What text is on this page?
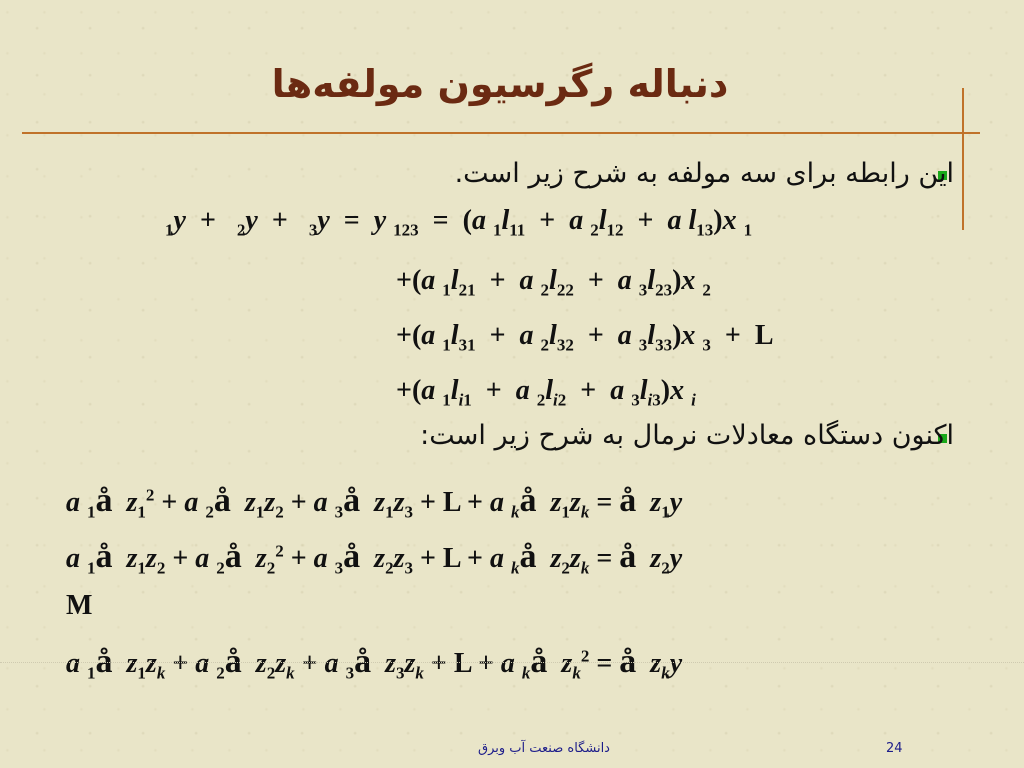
دنباله رگرسیون مولفه‌ها
این رابطه برای سه مولفه به شرح زیر است.
$_1$y  +   $_2$y  +   $_3$y  =  y $_{123}$  =  (a $_1l_{11} + a$ $_2l_{12} + a$ $l_{13})x$ $_1$
+(a $_1l_{21} + a$ $_2l_{22} + a$ $_3l_{23})x$ $_2$
+(a $_1l_{31} + a$ $_2l_{32} + a$ $_3l_{33})x$ $_3$  +  L
+(a $_1l_{i1} + a$ $_2l_{i2} + a$ $_3l_{i3})x$ $_i$
اکنون دستگاه معادلات نرمال به شرح زیر است:
a $_1$å $z_1^2 + a$ $_2$å $z_1z_2 + a$ $_3$å $z_1z_3 + L + a$ $_k$å $z_1z_k$ = å $z_1y$
a $_1$å $z_1z_2 + a$ $_2$å $z_2^2 + a$ $_3$å $z_2z_3 + L + a$ $_k$å $z_2z_k$ = å $z_2y$
M
a $_1$å $z_1z_k + a$ $_2$å $z_2z_k + a$ $_3$å $z_3z_k + L + a$ $_k$å $z_k^2$ = å $z_ky$
دانشگاه صنعت آب وبرق	24
